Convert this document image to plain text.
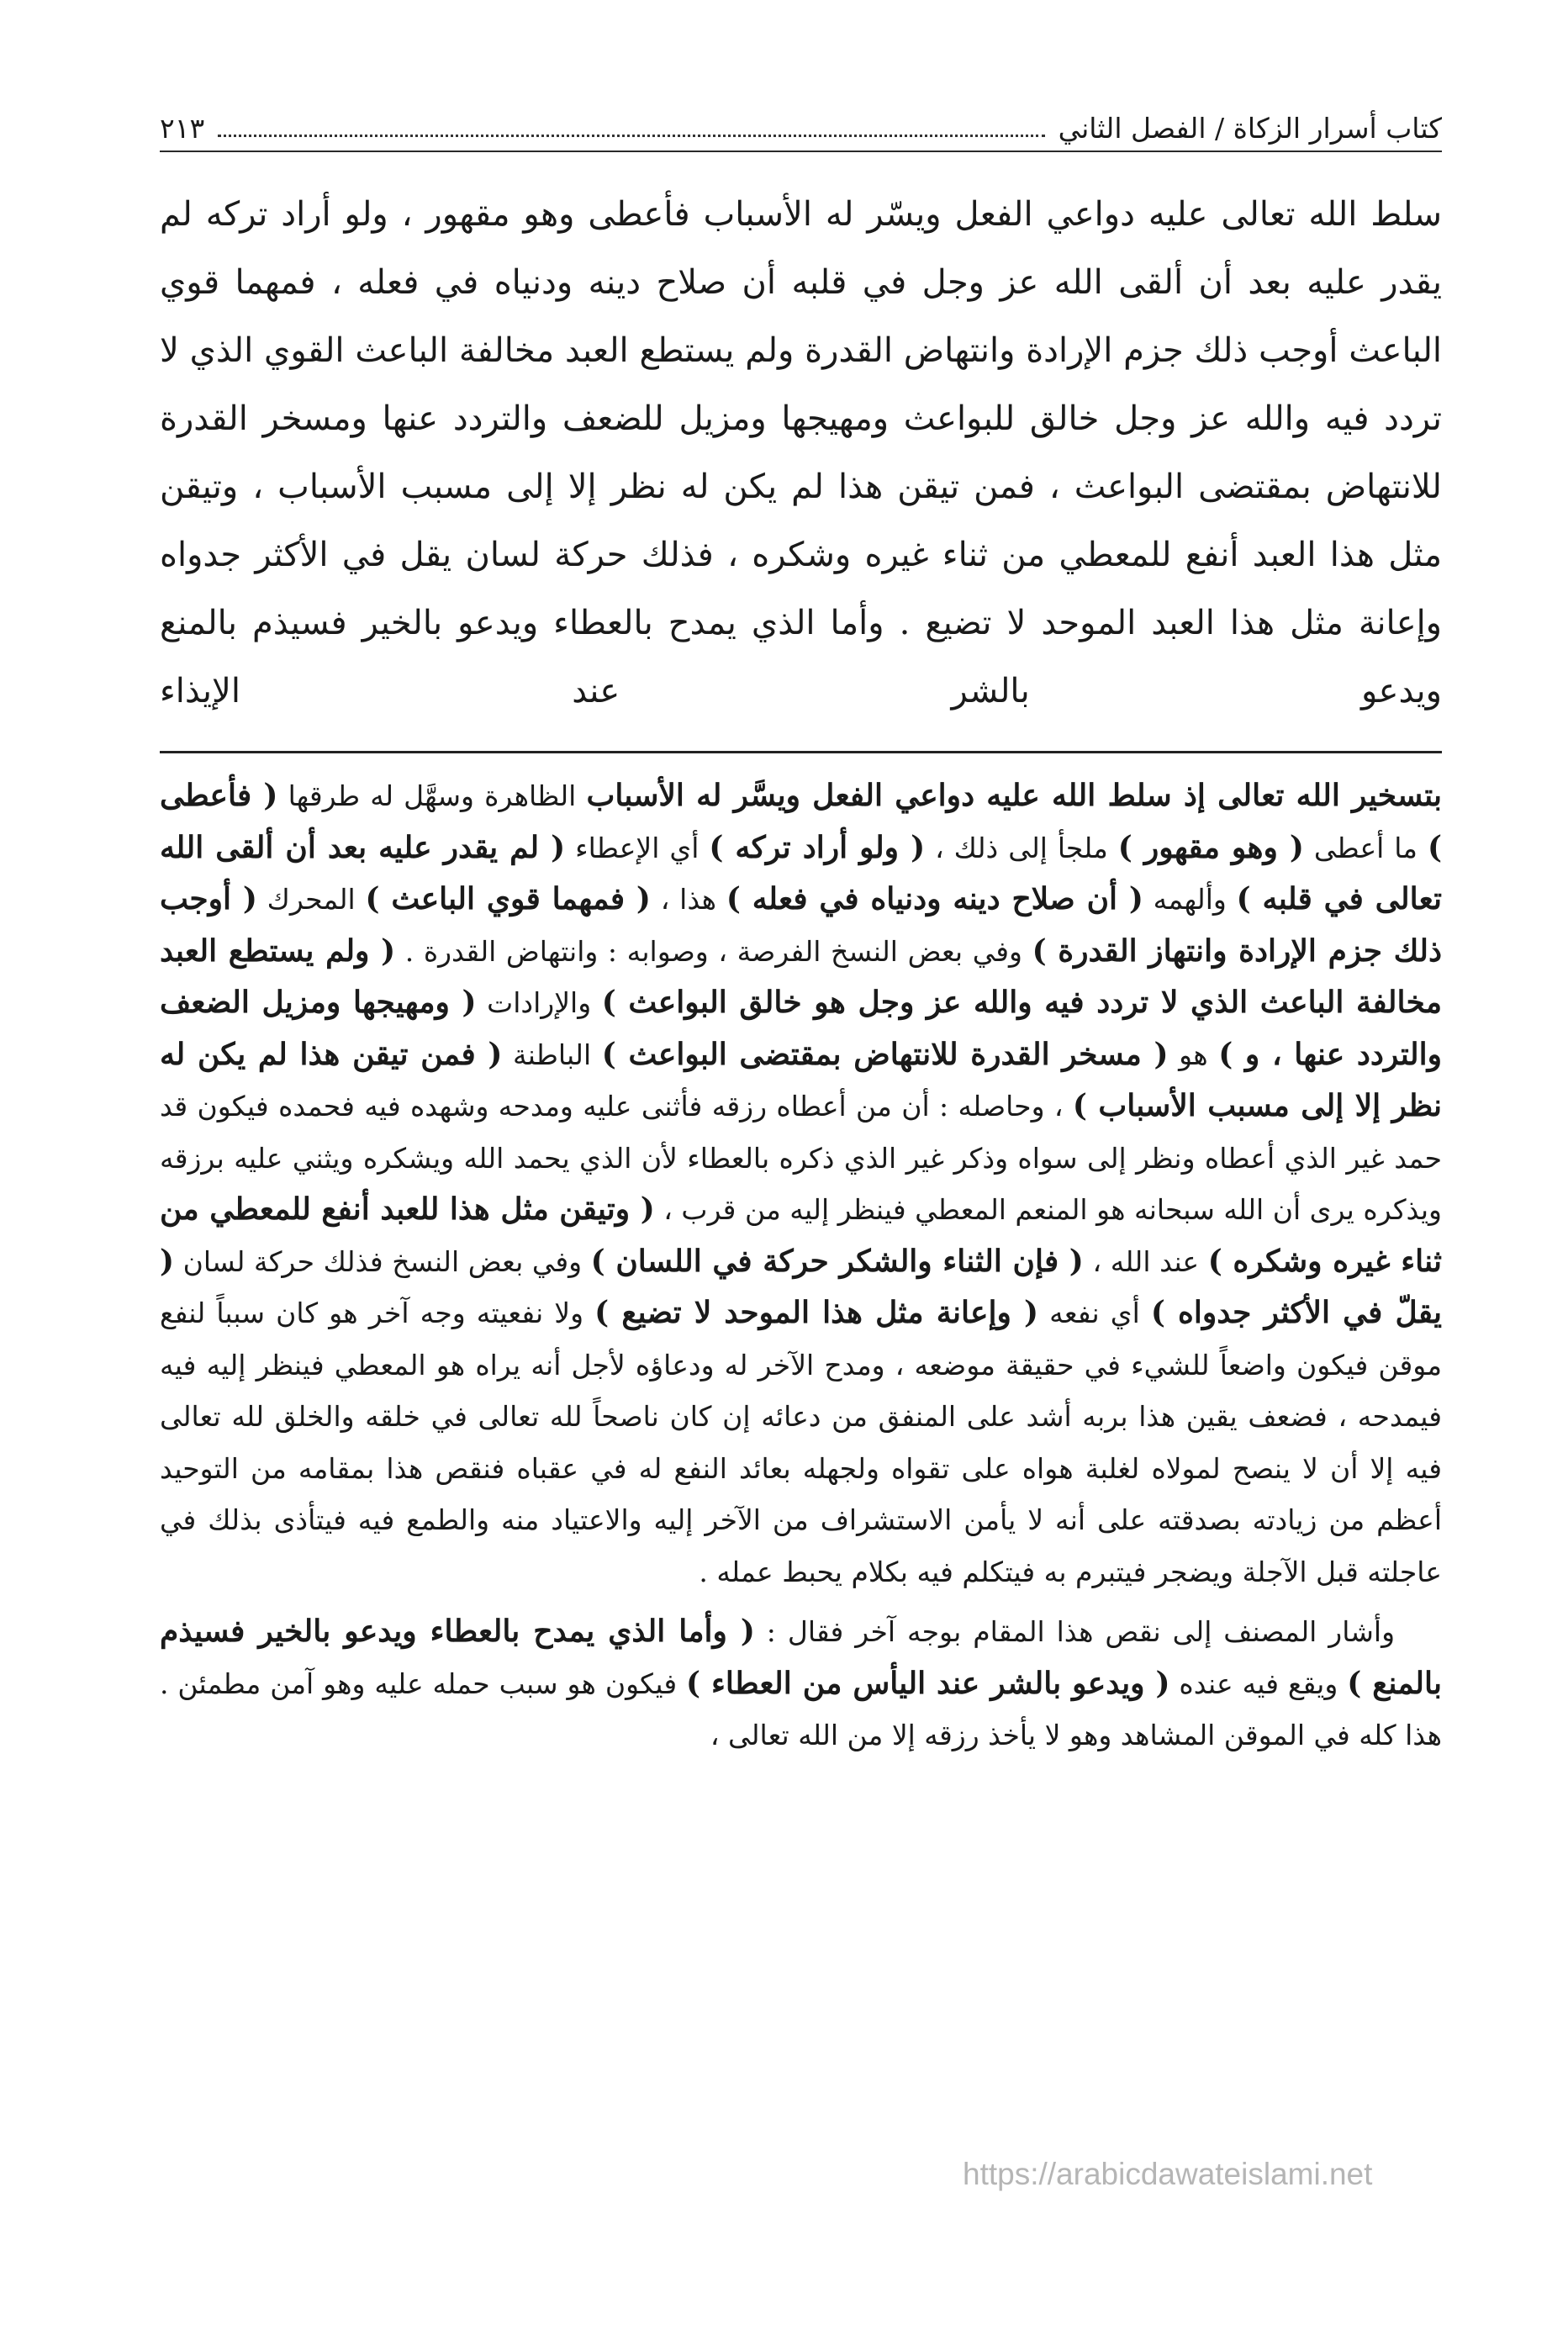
كتاب أسرار الزكاة / الفصل الثاني
٢١٣
سلط الله تعالى عليه دواعي الفعل ويسّر له الأسباب فأعطى وهو مقهور ، ولو أراد تركه لم يقدر عليه بعد أن ألقى الله عز وجل في قلبه أن صلاح دينه ودنياه في فعله ، فمهما قوي الباعث أوجب ذلك جزم الإرادة وانتهاض القدرة ولم يستطع العبد مخالفة الباعث القوي الذي لا تردد فيه والله عز وجل خالق للبواعث ومهيجها ومزيل للضعف والتردد عنها ومسخر القدرة للانتهاض بمقتضى البواعث ، فمن تيقن هذا لم يكن له نظر إلا إلى مسبب الأسباب ، وتيقن مثل هذا العبد أنفع للمعطي من ثناء غيره وشكره ، فذلك حركة لسان يقل في الأكثر جدواه وإعانة مثل هذا العبد الموحد لا تضيع . وأما الذي يمدح بالعطاء ويدعو بالخير فسيذم بالمنع ويدعو بالشر عند الإيذاء

بتسخير الله تعالى إذ سلط الله عليه دواعي الفعل ويسَّر له الأسباب الظاهرة وسهَّل له طرقها ( فأعطى ) ما أعطى ( وهو مقهور ) ملجأ إلى ذلك ، ( ولو أراد تركه ) أي الإعطاء ( لم يقدر عليه بعد أن ألقى الله تعالى في قلبه ) وألهمه ( أن صلاح دينه ودنياه في فعله ) هذا ، ( فمهما قوي الباعث ) المحرك ( أوجب ذلك جزم الإرادة وانتهاز القدرة ) وفي بعض النسخ الفرصة ، وصوابه : وانتهاض القدرة . ( ولم يستطع العبد مخالفة الباعث الذي لا تردد فيه والله عز وجل هو خالق البواعث ) والإرادات ( ومهيجها ومزيل الضعف والتردد عنها ، و ) هو ( مسخر القدرة للانتهاض بمقتضى البواعث ) الباطنة ( فمن تيقن هذا لم يكن له نظر إلا إلى مسبب الأسباب ) ، وحاصله : أن من أعطاه رزقه فأثنى عليه ومدحه وشهده فيه فحمده فيكون قد حمد غير الذي أعطاه ونظر إلى سواه وذكر غير الذي ذكره بالعطاء لأن الذي يحمد الله ويشكره ويثني عليه برزقه ويذكره يرى أن الله سبحانه هو المنعم المعطي فينظر إليه من قرب ، ( وتيقن مثل هذا للعبد أنفع للمعطي من ثناء غيره وشكره ) عند الله ، ( فإن الثناء والشكر حركة في اللسان ) وفي بعض النسخ فذلك حركة لسان ( يقلّ في الأكثر جدواه ) أي نفعه ( وإعانة مثل هذا الموحد لا تضيع ) ولا نفعيته وجه آخر هو كان سبباً لنفع موقن فيكون واضعاً للشيء في حقيقة موضعه ، ومدح الآخر له ودعاؤه لأجل أنه يراه هو المعطي فينظر إليه فيه فيمدحه ، فضعف يقين هذا بربه أشد على المنفق من دعائه إن كان ناصحاً لله تعالى في خلقه والخلق لله تعالى فيه إلا أن لا ينصح لمولاه لغلبة هواه على تقواه ولجهله بعائد النفع له في عقباه فنقص هذا بمقامه من التوحيد أعظم من زيادته بصدقته على أنه لا يأمن الاستشراف من الآخر إليه والاعتياد منه والطمع فيه فيتأذى بذلك في عاجلته قبل الآجلة ويضجر فيتبرم به فيتكلم فيه بكلام يحبط عمله .

وأشار المصنف إلى نقص هذا المقام بوجه آخر فقال : ( وأما الذي يمدح بالعطاء ويدعو بالخير فسيذم بالمنع ) ويقع فيه عنده ( ويدعو بالشر عند اليأس من العطاء ) فيكون هو سبب حمله عليه وهو آمن مطمئن . هذا كله في الموقن المشاهد وهو لا يأخذ رزقه إلا من الله تعالى ،

https://arabicdawateislami.net
